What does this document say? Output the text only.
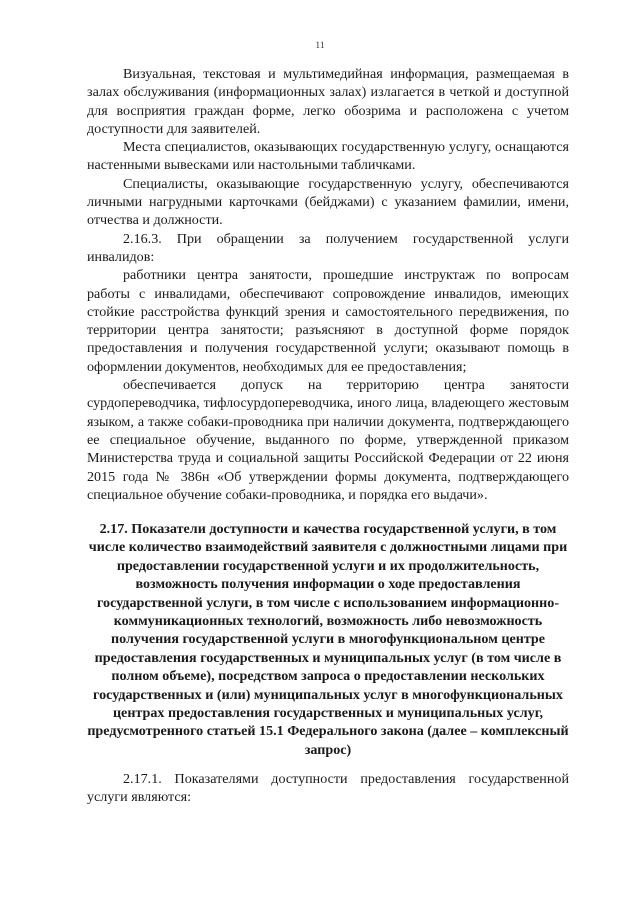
11

Визуальная, текстовая и мультимедийная информация, размещаемая в залах обслуживания (информационных залах) излагается в четкой и доступной для восприятия граждан форме, легко обозрима и расположена с учетом доступности для заявителей.

Места специалистов, оказывающих государственную услугу, оснащаются настенными вывесками или настольными табличками.

Специалисты, оказывающие государственную услугу, обеспечиваются личными нагрудными карточками (бейджами) с указанием фамилии, имени, отчества и должности.

2.16.3. При обращении за получением государственной услуги инвалидов:

работники центра занятости, прошедшие инструктаж по вопросам работы с инвалидами, обеспечивают сопровождение инвалидов, имеющих стойкие расстройства функций зрения и самостоятельного передвижения, по территории центра занятости; разъясняют в доступной форме порядок предоставления и получения государственной услуги; оказывают помощь в оформлении документов, необходимых для ее предоставления;

обеспечивается допуск на территорию центра занятости сурдопереводчика, тифлосурдопереводчика, иного лица, владеющего жестовым языком, а также собаки-проводника при наличии документа, подтверждающего ее специальное обучение, выданного по форме, утвержденной приказом Министерства труда и социальной защиты Российской Федерации от 22 июня 2015 года № 386н «Об утверждении формы документа, подтверждающего специальное обучение собаки-проводника, и порядка его выдачи».

2.17. Показатели доступности и качества государственной услуги, в том числе количество взаимодействий заявителя с должностными лицами при предоставлении государственной услуги и их продолжительность, возможность получения информации о ходе предоставления государственной услуги, в том числе с использованием информационно-коммуникационных технологий, возможность либо невозможность получения государственной услуги в многофункциональном центре предоставления государственных и муниципальных услуг (в том числе в полном объеме), посредством запроса о предоставлении нескольких государственных и (или) муниципальных услуг в многофункциональных центрах предоставления государственных и муниципальных услуг, предусмотренного статьей 15.1 Федерального закона (далее – комплексный запрос)

2.17.1. Показателями доступности предоставления государственной услуги являются:
